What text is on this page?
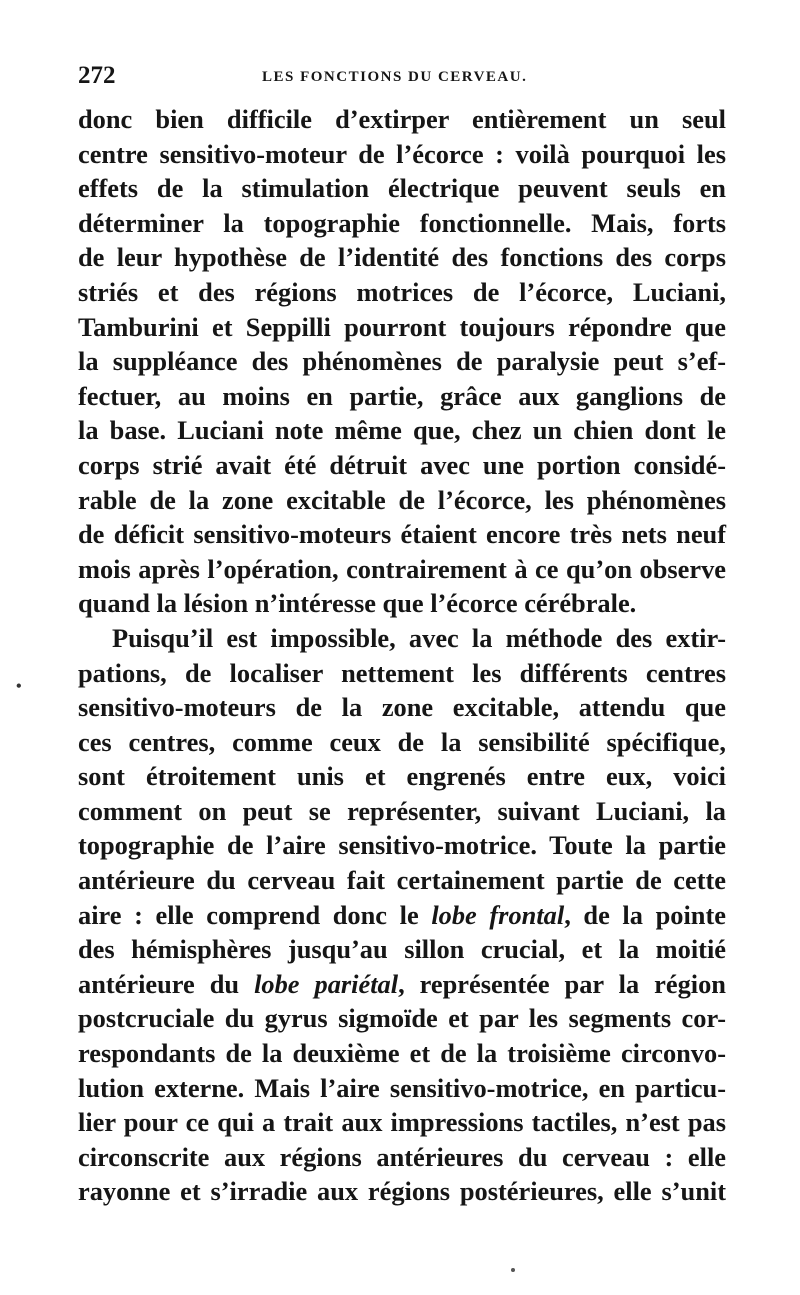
272	LES FONCTIONS DU CERVEAU.
•
donc bien difficile d’extirper entièrement un seul
centre sensitivo-moteur de l’écorce : voilà pourquoi les
effets de la stimulation électrique peuvent seuls en
déterminer la topographie fonctionnelle. Mais, forts
de leur hypothèse de l’identité des fonctions des corps
striés et des régions motrices de l’écorce, Luciani,
Tamburini et Seppilli pourront toujours répondre que
la suppléance des phénomènes de paralysie peut s’ef-
fectuer, au moins en partie, grâce aux ganglions de
la base. Luciani note même que, chez un chien dont le
corps strié avait été détruit avec une portion considé-
rable de la zone excitable de l’écorce, les phénomènes
de déficit sensitivo-moteurs étaient encore très nets neuf
mois après l’opération, contrairement à ce qu’on observe
quand la lésion n’intéresse que l’écorce cérébrale.
Puisqu’il est impossible, avec la méthode des extir-
pations, de localiser nettement les différents centres
sensitivo-moteurs de la zone excitable, attendu que
ces centres, comme ceux de la sensibilité spécifique,
sont étroitement unis et engrenés entre eux, voici
comment on peut se représenter, suivant Luciani, la
topographie de l’aire sensitivo-motrice. Toute la partie
antérieure du cerveau fait certainement partie de cette
aire : elle comprend donc le lobe frontal, de la pointe
des hémisphères jusqu’au sillon crucial, et la moitié
antérieure du lobe pariétal, représentée par la région
postcruciale du gyrus sigmoïde et par les segments cor-
respondants de la deuxième et de la troisième circonvo-
lution externe. Mais l’aire sensitivo-motrice, en particu-
lier pour ce qui a trait aux impressions tactiles, n’est pas
circonscrite aux régions antérieures du cerveau : elle
rayonne et s’irradie aux régions postérieures, elle s’unit
